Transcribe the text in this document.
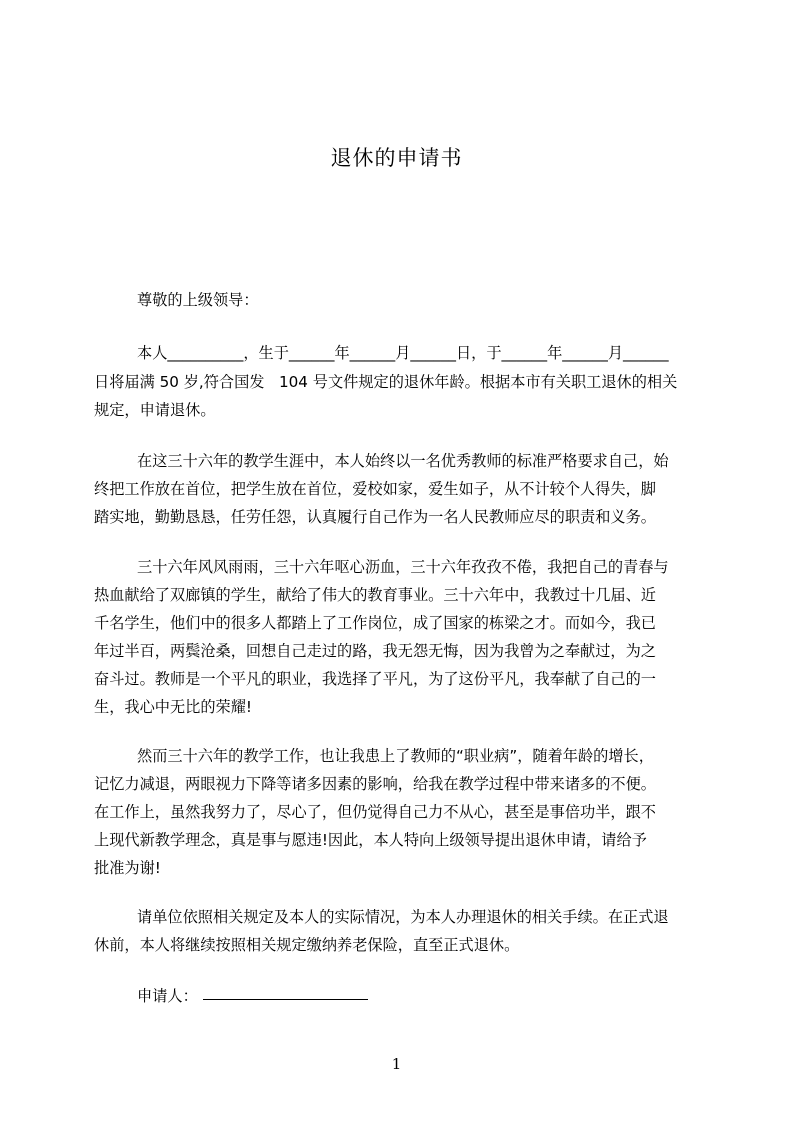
退休的申请书
尊敬的上级领导：
本人__________，生于______年______月______日，于______年______月______
日将届满 50 岁,符合国发   104 号文件规定的退休年龄。根据本市有关职工退休的相关
规定，申请退休。
在这三十六年的教学生涯中，本人始终以一名优秀教师的标准严格要求自己，始
终把工作放在首位，把学生放在首位，爱校如家，爱生如子，从不计较个人得失，脚
踏实地，勤勤恳恳，任劳任怨，认真履行自己作为一名人民教师应尽的职责和义务。
三十六年风风雨雨，三十六年呕心沥血，三十六年孜孜不倦，我把自己的青春与
热血献给了双廊镇的学生，献给了伟大的教育事业。三十六年中，我教过十几届、近
千名学生，他们中的很多人都踏上了工作岗位，成了国家的栋梁之才。而如今，我已
年过半百，两鬓沧桑，回想自己走过的路，我无怨无悔，因为我曾为之奉献过，为之
奋斗过。教师是一个平凡的职业，我选择了平凡，为了这份平凡，我奉献了自己的一
生，我心中无比的荣耀!
然而三十六年的教学工作，也让我患上了教师的“职业病”，随着年龄的增长，
记忆力减退，两眼视力下降等诸多因素的影响，给我在教学过程中带来诸多的不便。
在工作上，虽然我努力了，尽心了，但仍觉得自己力不从心，甚至是事倍功半，跟不
上现代新教学理念，真是事与愿违!因此，本人特向上级领导提出退休申请，请给予
批准为谢!
请单位依照相关规定及本人的实际情况，为本人办理退休的相关手续。在正式退
休前，本人将继续按照相关规定缴纳养老保险，直至正式退休。
申请人：
1
